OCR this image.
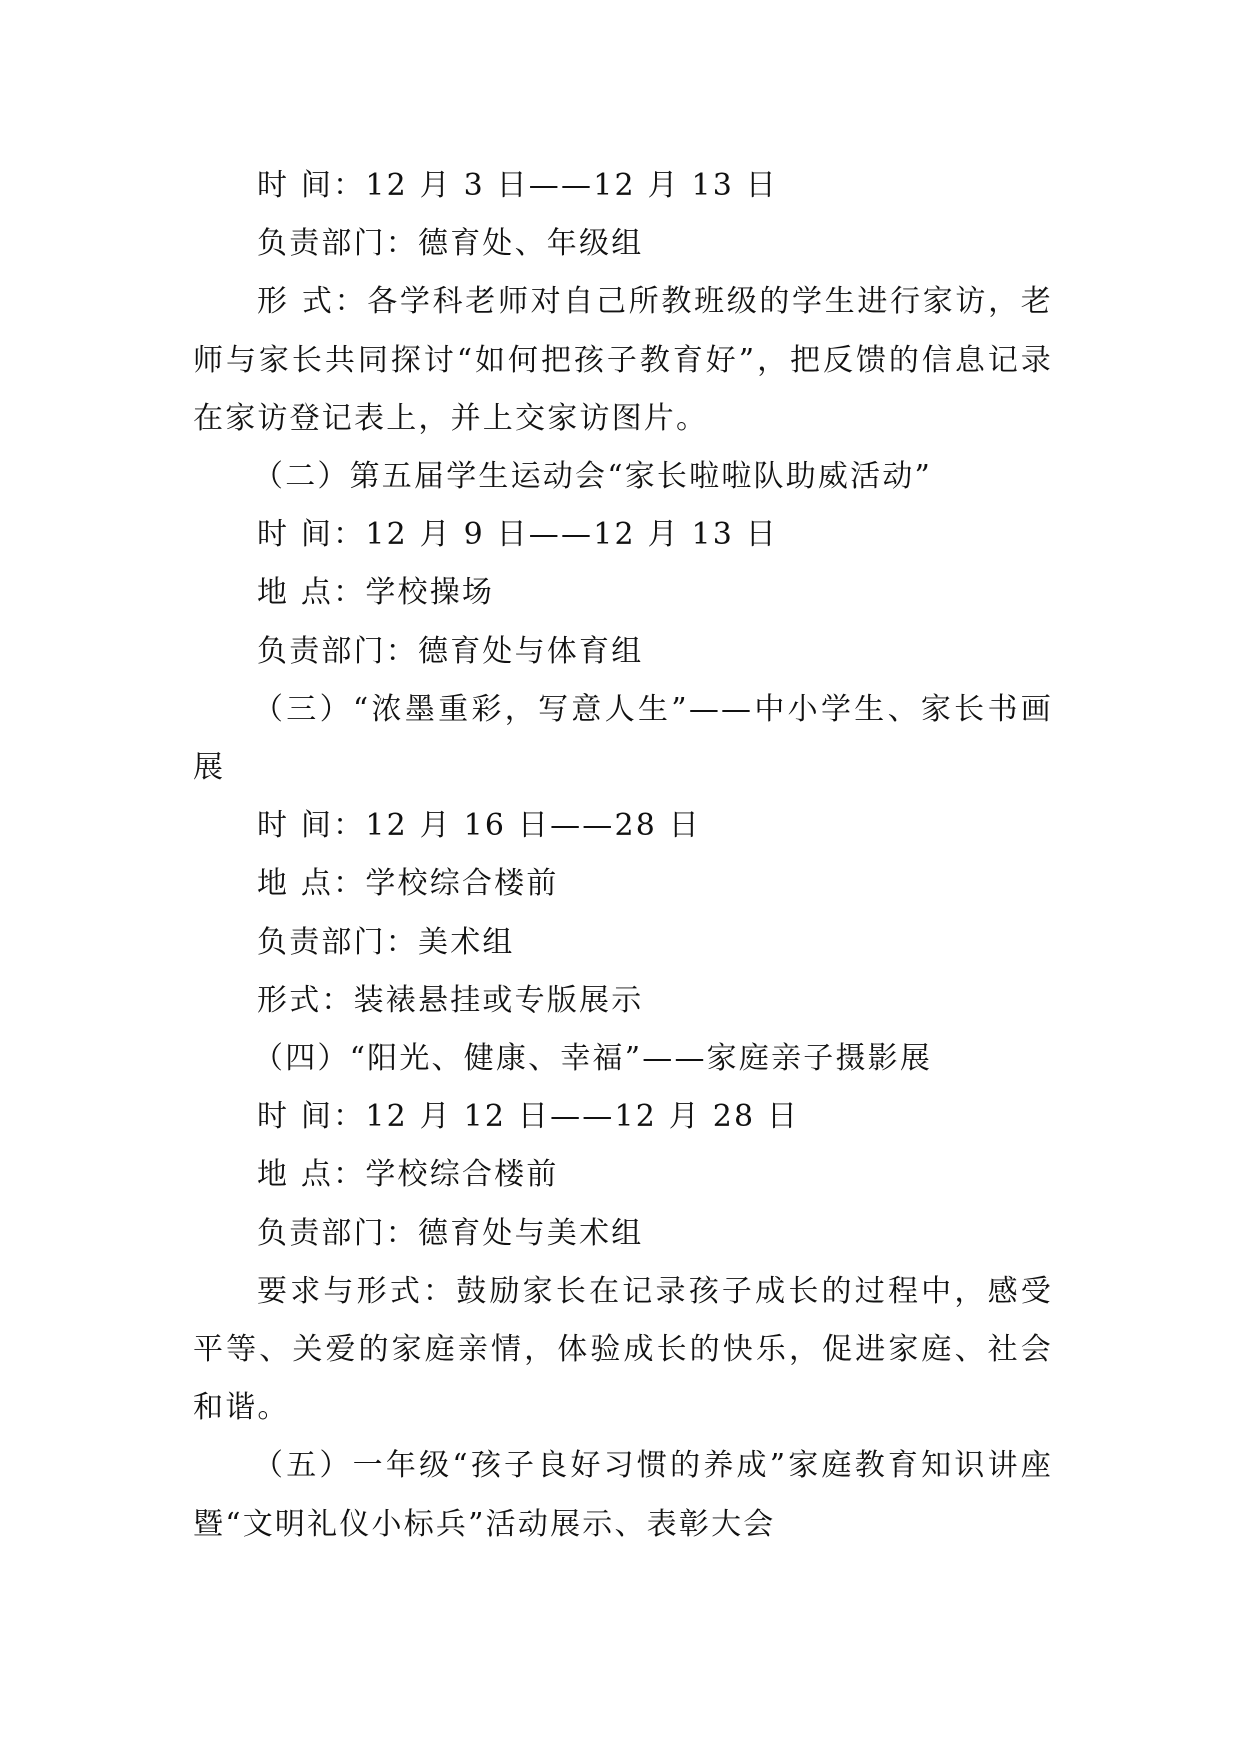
时 间：12 月 3 日——12 月 13 日

负责部门：德育处、年级组

形 式：各学科老师对自己所教班级的学生进行家访，老师与家长共同探讨“如何把孩子教育好”，把反馈的信息记录在家访登记表上，并上交家访图片。

（二）第五届学生运动会“家长啦啦队助威活动”

时 间：12 月 9 日——12 月 13 日

地 点：学校操场

负责部门：德育处与体育组

（三）“浓墨重彩，写意人生”——中小学生、家长书画展

时 间：12 月 16 日——28 日

地 点：学校综合楼前

负责部门：美术组

形式：装裱悬挂或专版展示

（四）“阳光、健康、幸福”——家庭亲子摄影展

时 间：12 月 12 日——12 月 28 日

地 点：学校综合楼前

负责部门：德育处与美术组

要求与形式：鼓励家长在记录孩子成长的过程中，感受平等、关爱的家庭亲情，体验成长的快乐，促进家庭、社会和谐。

（五）一年级“孩子良好习惯的养成”家庭教育知识讲座暨“文明礼仪小标兵”活动展示、表彰大会
